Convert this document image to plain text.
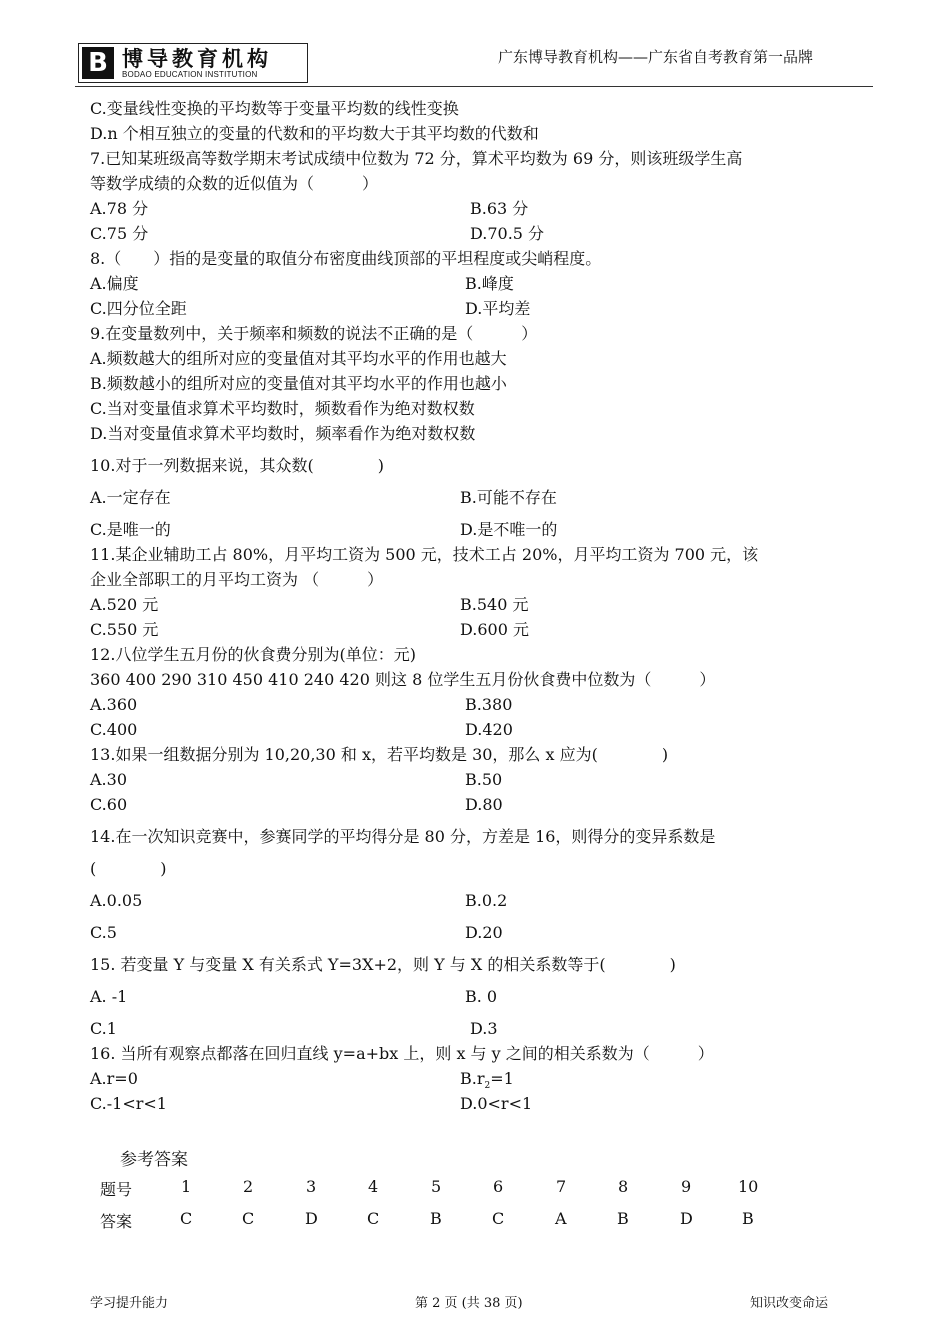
B 博导教育机构
BODAO EDUCATION INSTITUTION
广东博导教育机构——广东省自考教育第一品牌
C.变量线性变换的平均数等于变量平均数的线性变换
D.n 个相互独立的变量的代数和的平均数大于其平均数的代数和
7.已知某班级高等数学期末考试成绩中位数为 72 分，算术平均数为 69 分，则该班级学生高
等数学成绩的众数的近似值为（　　　）
A.78 分	B.63 分
C.75 分	D.70.5 分
8.（　　）指的是变量的取值分布密度曲线顶部的平坦程度或尖峭程度。
A.偏度	B.峰度
C.四分位全距	D.平均差
9.在变量数列中，关于频率和频数的说法不正确的是（　　　）
A.频数越大的组所对应的变量值对其平均水平的作用也越大
B.频数越小的组所对应的变量值对其平均水平的作用也越小
C.当对变量值求算术平均数时，频数看作为绝对数权数
D.当对变量值求算术平均数时，频率看作为绝对数权数
10.对于一列数据来说，其众数(　　　　)
A.一定存在	B.可能不存在
C.是唯一的	D.是不唯一的
11.某企业辅助工占 80%，月平均工资为 500 元，技术工占 20%，月平均工资为 700 元，该
企业全部职工的月平均工资为 （　　　）
A.520 元	B.540 元
C.550 元	D.600 元
12.八位学生五月份的伙食费分别为(单位：元)
360 400 290 310 450 410 240 420 则这 8 位学生五月份伙食费中位数为（　　　）
A.360	B.380
C.400	D.420
13.如果一组数据分别为 10,20,30 和 x，若平均数是 30，那么 x 应为(　　　　)
A.30	B.50
C.60	D.80
14.在一次知识竞赛中，参赛同学的平均得分是 80 分，方差是 16，则得分的变异系数是
(　　　　)
A.0.05	B.0.2
C.5	D.20
15. 若变量 Y 与变量 X 有关系式 Y=3X+2，则 Y 与 X 的相关系数等于(　　　　)
A. -1	B. 0
C.1	D.3
16. 当所有观察点都落在回归直线 y=a+bx 上，则 x 与 y 之间的相关系数为（　　　）
A.r=0	$B.r_2=1$
C.-1<r<1	D.0<r<1
参考答案
题号	1	2	3	4	5	6	7	8	9	10
答案	C	C	D	C	B	C	A	B	D	B
学习提升能力	第 2 页 (共 38 页)	知识改变命运
